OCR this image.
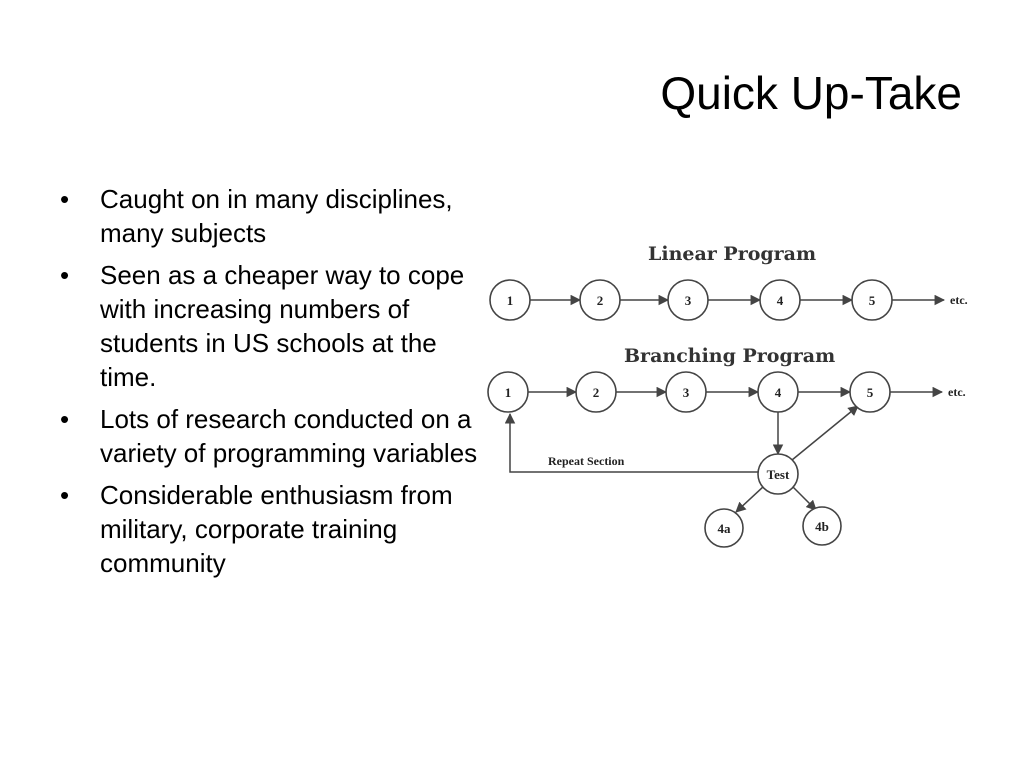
Quick Up-Take
• Caught on in many disciplines, many subjects
• Seen as a cheaper way to cope with increasing numbers of students in US schools at the time.
• Lots of research conducted on a variety of programming variables
• Considerable enthusiasm from military, corporate training community
Linear Program
1	2	3	4	5	etc.
Branching Program
Repeat Section
1	2	3	4	5	etc.
Test
4a	4b
